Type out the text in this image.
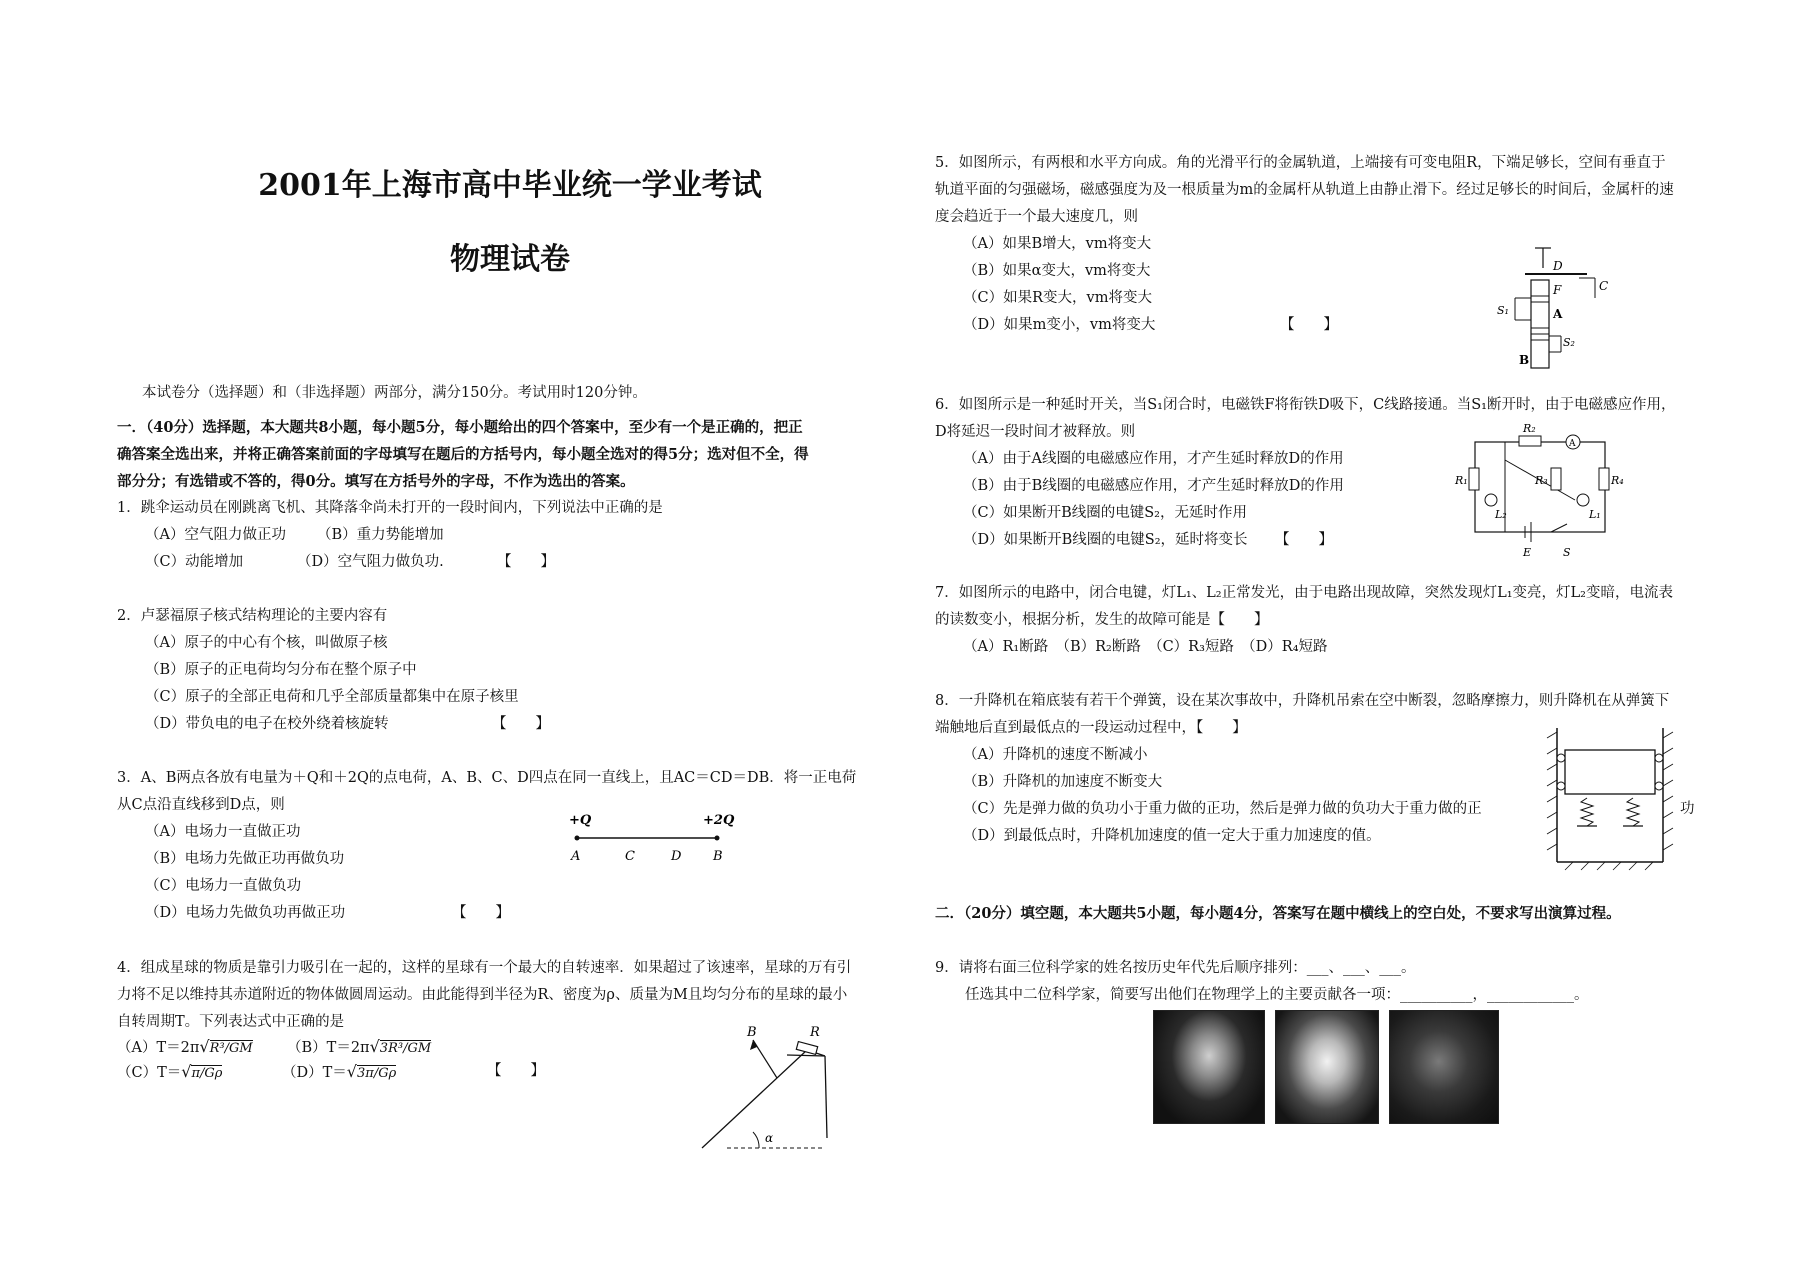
2001年上海市高中毕业统一学业考试
物理试卷
本试卷分（选择题）和（非选择题）两部分，满分150分。考试用时120分钟。
一．（40分）选择题，本大题共8小题，每小题5分，每小题给出的四个答案中，至少有一个是正确的，把正
确答案全选出来，并将正确答案前面的字母填写在题后的方括号内，每小题全选对的得5分；选对但不全，得
部分分；有选错或不答的，得0分。填写在方括号外的字母，不作为选出的答案。
1．跳伞运动员在刚跳离飞机、其降落伞尚未打开的一段时间内，下列说法中正确的是
（A）空气阻力做正功 （B）重力势能增加
（C）动能增加	（D）空气阻力做负功.	【　　】
2．卢瑟福原子核式结构理论的主要内容有
（A）原子的中心有个核，叫做原子核
（B）原子的正电荷均匀分布在整个原子中
（C）原子的全部正电荷和几乎全部质量都集中在原子核里
（D）带负电的电子在校外绕着核旋转	【　　】
3．A、B两点各放有电量为＋Q和＋2Q的点电荷，A、B、C、D四点在同一直线上，且AC＝CD＝DB．将一正电荷
从C点沿直线移到D点，则
（A）电场力一直做正功
（B）电场力先做正功再做负功
（C）电场力一直做负功
（D）电场力先做负功再做正功	【　　】
+Q	+2Q
A	C	D B
4．组成星球的物质是靠引力吸引在一起的，这样的星球有一个最大的自转速率．如果超过了该速率，星球的万有引
力将不足以维持其赤道附近的物体做圆周运动。由此能得到半径为R、密度为ρ、质量为M且均匀分布的星球的最小
自转周期T。下列表达式中正确的是
（A）T＝2π√R³/GM （B）T＝2π√3R³/GM
（C）T＝√π/Gρ	（D）T＝√3π/Gρ	【　　】
B	R
α
5．如图所示，有两根和水平方向成。角的光滑平行的金属轨道，上端接有可变电阻R，下端足够长，空间有垂直于
轨道平面的匀强磁场，磁感强度为及一根质量为m的金属杆从轨道上由静止滑下。经过足够长的时间后，金属杆的速
度会趋近于一个最大速度几，则
（A）如果B增大，vm将变大
（B）如果α变大，vm将变大
（C）如果R变大，vm将变大
（D）如果m变小，vm将变大	【　　】
D
F	C
A
B
S₁
S₂
6．如图所示是一种延时开关，当S₁闭合时，电磁铁F将衔铁D吸下，C线路接通。当S₁断开时，由于电磁感应作用，
D将延迟一段时间才被释放。则
（A）由于A线圈的电磁感应作用，才产生延时释放D的作用
（B）由于B线圈的电磁感应作用，才产生延时释放D的作用
（C）如果断开B线圈的电键S₂，无延时作用
（D）如果断开B线圈的电键S₂，延时将变长 【　　】
R₂
A
R₁	R₃	R₄
L₂	L₁
E	S
7．如图所示的电路中，闭合电键，灯L₁、L₂正常发光，由于电路出现故障，突然发现灯L₁变亮，灯L₂变暗，电流表
的读数变小，根据分析，发生的故障可能是【　　】
（A）R₁断路　（B）R₂断路　（C）R₃短路　（D）R₄短路
8．一升降机在箱底装有若干个弹簧，设在某次事故中，升降机吊索在空中断裂，忽略摩擦力，则升降机在从弹簧下
端触地后直到最低点的一段运动过程中，【　　】
（A）升降机的速度不断减小
（B）升降机的加速度不断变大
（C）先是弹力做的负功小于重力做的正功，然后是弹力做的负功大于重力做的正	功
（D）到最低点时，升降机加速度的值一定大于重力加速度的值。
二．（20分）填空题，本大题共5小题，每小题4分，答案写在题中横线上的空白处，不要求写出演算过程。
9．请将右面三位科学家的姓名按历史年代先后顺序排列：___、___、___。
任选其中二位科学家，简要写出他们在物理学上的主要贡献各一项：__________，____________。
